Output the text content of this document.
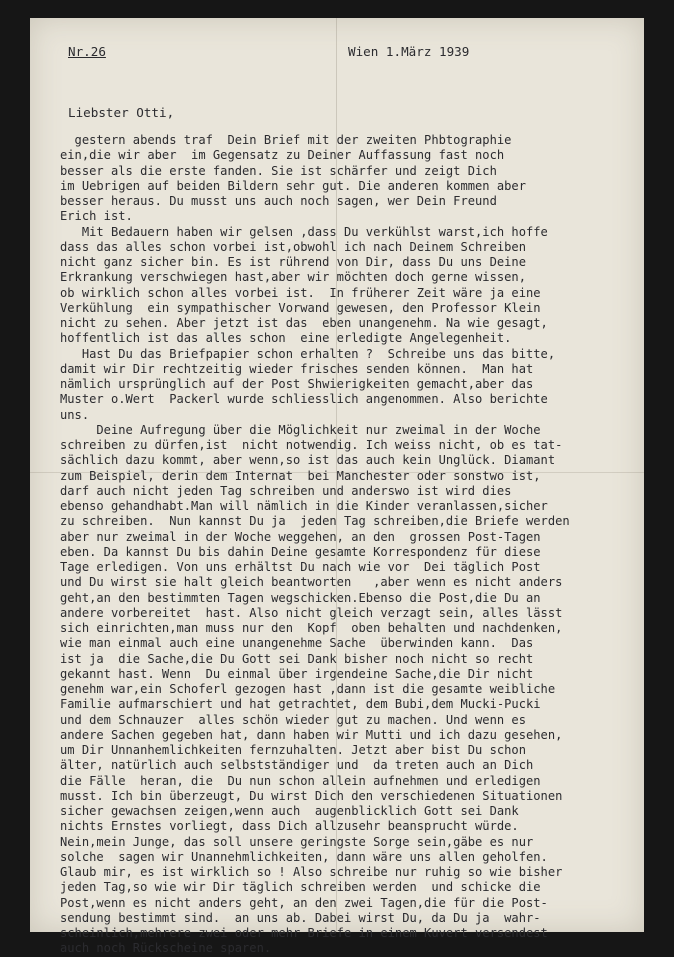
Nr.26	Wien 1.März 1939
Liebster Otti,
gestern abends traf  Dein Brief mit der zweiten Phbtographie
ein,die wir aber  im Gegensatz zu Deiner Auffassung fast noch
besser als die erste fanden. Sie ist schärfer und zeigt Dich
im Uebrigen auf beiden Bildern sehr gut. Die anderen kommen aber
besser heraus. Du musst uns auch noch sagen, wer Dein Freund
Erich ist.
Mit Bedauern haben wir gelsen ,dass Du verkühlst warst,ich hoffe
dass das alles schon vorbei ist,obwohl ich nach Deinem Schreiben
nicht ganz sicher bin. Es ist rührend von Dir, dass Du uns Deine
Erkrankung verschwiegen hast,aber wir möchten doch gerne wissen,
ob wirklich schon alles vorbei ist.  In früherer Zeit wäre ja eine
Verkühlung  ein sympathischer Vorwand gewesen, den Professor Klein
nicht zu sehen. Aber jetzt ist das  eben unangenehm. Na wie gesagt,
hoffentlich ist das alles schon  eine erledigte Angelegenheit.
Hast Du das Briefpapier schon erhalten ?  Schreibe uns das bitte,
damit wir Dir rechtzeitig wieder frisches senden können.  Man hat
nämlich ursprünglich auf der Post Shwierigkeiten gemacht,aber das
Muster o.Wert  Packerl wurde schliesslich angenommen. Also berichte
uns.
Deine Aufregung über die Möglichkeit nur zweimal in der Woche
schreiben zu dürfen,ist  nicht notwendig. Ich weiss nicht, ob es tat-
sächlich dazu kommt, aber wenn,so ist das auch kein Unglück. Diamant
zum Beispiel, derin dem Internat  bei Manchester oder sonstwo ist,
darf auch nicht jeden Tag schreiben und anderswo ist wird dies
ebenso gehandhabt.Man will nämlich in die Kinder veranlassen,sicher
zu schreiben.  Nun kannst Du ja  jeden Tag schreiben,die Briefe werden
aber nur zweimal in der Woche weggehen, an den  grossen Post-Tagen
eben. Da kannst Du bis dahin Deine gesamte Korrespondenz für diese
Tage erledigen. Von uns erhältst Du nach wie vor  Dei täglich Post
und Du wirst sie halt gleich beantworten   ,aber wenn es nicht anders
geht,an den bestimmten Tagen wegschicken.Ebenso die Post,die Du an
andere vorbereitet  hast. Also nicht gleich verzagt sein, alles lässt
sich einrichten,man muss nur den  Kopf  oben behalten und nachdenken,
wie man einmal auch eine unangenehme Sache  überwinden kann.  Das
ist ja  die Sache,die Du Gott sei Dank bisher noch nicht so recht
gekannt hast. Wenn  Du einmal über irgendeine Sache,die Dir nicht
genehm war,ein Schoferl gezogen hast ,dann ist die gesamte weibliche
Familie aufmarschiert und hat getrachtet, dem Bubi,dem Mucki-Pucki
und dem Schnauzer  alles schön wieder gut zu machen. Und wenn es
andere Sachen gegeben hat, dann haben wir Mutti und ich dazu gesehen,
um Dir Unnanhemlichkeiten fernzuhalten. Jetzt aber bist Du schon
älter, natürlich auch selbstständiger und  da treten auch an Dich
die Fälle  heran, die  Du nun schon allein aufnehmen und erledigen
musst. Ich bin überzeugt, Du wirst Dich den verschiedenen Situationen
sicher gewachsen zeigen,wenn auch  augenblicklich Gott sei Dank
nichts Ernstes vorliegt, dass Dich allzusehr beansprucht würde.
Nein,mein Junge, das soll unsere geringste Sorge sein,gäbe es nur
solche  sagen wir Unannehmlichkeiten, dann wäre uns allen geholfen.
Glaub mir, es ist wirklich so ! Also schreibe nur ruhig so wie bisher
jeden Tag,so wie wir Dir täglich schreiben werden  und schicke die
Post,wenn es nicht anders geht, an den zwei Tagen,die für die Post-
sendung bestimmt sind.  an uns ab. Dabei wirst Du, da Du ja  wahr-
scheinlich,mehrere zwei oder mehr Briefe in einem Kuvert versendest
auch noch Rückscheine sparen.
